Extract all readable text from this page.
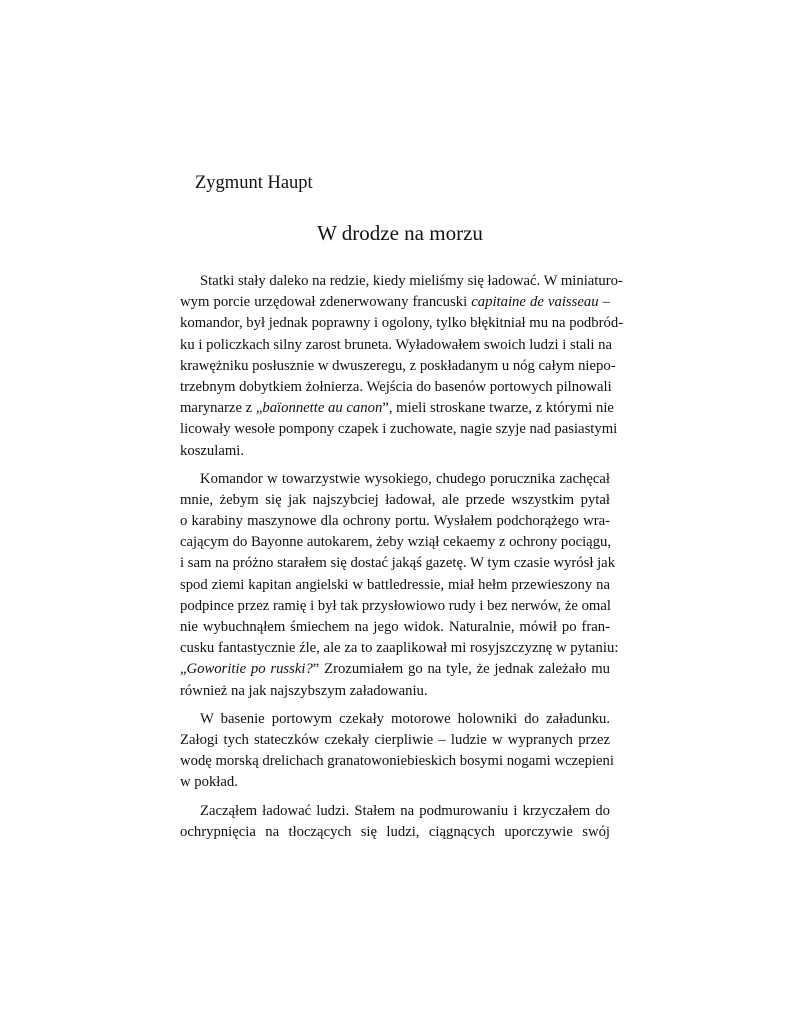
Zygmunt Haupt
W drodze na morzu
Statki stały daleko na redzie, kiedy mieliśmy się ładować. W miniaturo-
wym porcie urzędował zdenerwowany francuski capitaine de vaisseau –
komandor, był jednak poprawny i ogolony, tylko błękitniał mu na podbród-
ku i policzkach silny zarost bruneta. Wyładowałem swoich ludzi i stali na
krawężniku posłusznie w dwuszeregu, z poskładanym u nóg całym niepo-
trzebnym dobytkiem żołnierza. Wejścia do basenów portowych pilnowali
marynarze z „baïonnette au canon”, mieli stroskane twarze, z którymi nie
licowały wesołe pompony czapek i zuchowate, nagie szyje nad pasiastymi
koszulami.
Komandor w towarzystwie wysokiego, chudego porucznika zachęcał
mnie, żebym się jak najszybciej ładował, ale przede wszystkim pytał
o karabiny maszynowe dla ochrony portu. Wysłałem podchorążego wra-
cającym do Bayonne autokarem, żeby wziął cekaemy z ochrony pociągu,
i sam na próżno starałem się dostać jakąś gazetę. W tym czasie wyrósł jak
spod ziemi kapitan angielski w battledressie, miał hełm przewieszony na
podpince przez ramię i był tak przysłowiowo rudy i bez nerwów, że omal
nie wybuchnąłem śmiechem na jego widok. Naturalnie, mówił po fran-
cusku fantastycznie źle, ale za to zaaplikował mi rosyjszczyznę w pytaniu:
„Goworitie po russki?” Zrozumiałem go na tyle, że jednak zależało mu
również na jak najszybszym załadowaniu.
W basenie portowym czekały motorowe holowniki do załadunku.
Załogi tych stateczków czekały cierpliwie – ludzie w wypranych przez
wodę morską drelichach granatowoniebieskich bosymi nogami wczepieni
w pokład.
Zacząłem ładować ludzi. Stałem na podmurowaniu i krzyczałem do
ochrypnięcia na tłoczących się ludzi, ciągnących uporczywie swój
